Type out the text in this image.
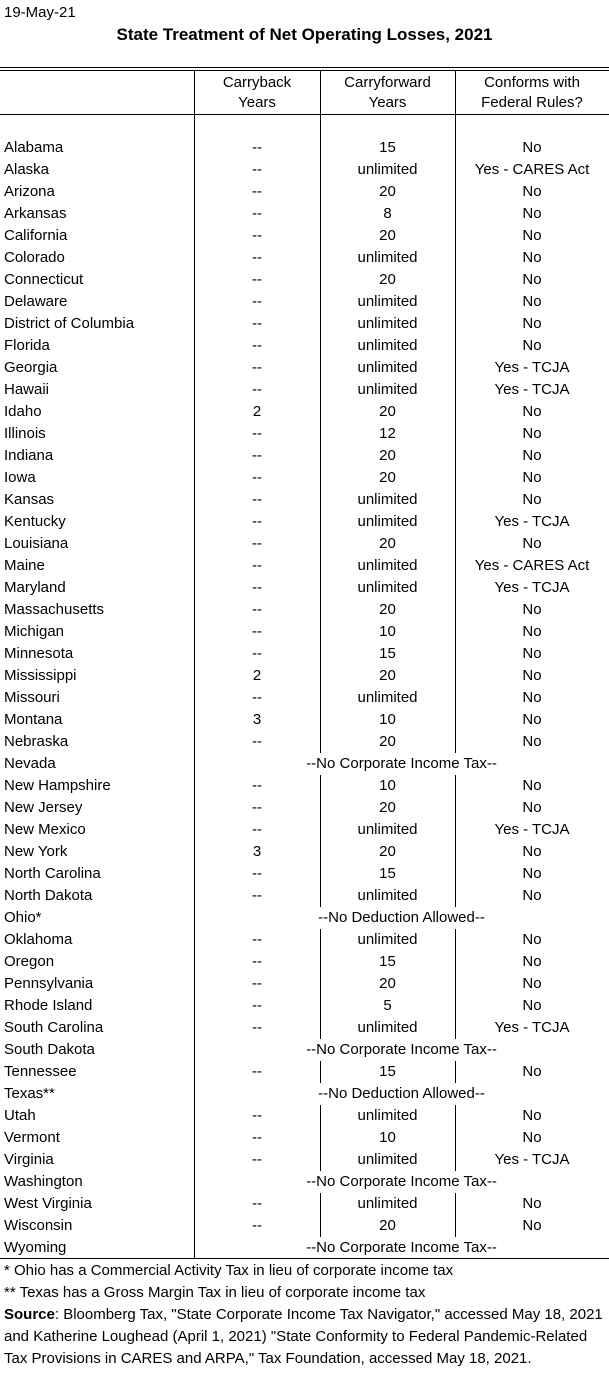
19-May-21
State Treatment of Net Operating Losses, 2021
Carryback
Years
Carryforward
Years
Conforms with
Federal Rules?
Alabama	--	15	No
Alaska	--	unlimited	Yes - CARES Act
Arizona	--	20	No
Arkansas	--	8	No
California	--	20	No
Colorado	--	unlimited	No
Connecticut	--	20	No
Delaware	--	unlimited	No
District of Columbia	--	unlimited	No
Florida	--	unlimited	No
Georgia	--	unlimited	Yes - TCJA
Hawaii	--	unlimited	Yes - TCJA
Idaho	2	20	No
Illinois	--	12	No
Indiana	--	20	No
Iowa	--	20	No
Kansas	--	unlimited	No
Kentucky	--	unlimited	Yes - TCJA
Louisiana	--	20	No
Maine	--	unlimited	Yes - CARES Act
Maryland	--	unlimited	Yes - TCJA
Massachusetts	--	20	No
Michigan	--	10	No
Minnesota	--	15	No
Mississippi	2	20	No
Missouri	--	unlimited	No
Montana	3	10	No
Nebraska	--	20	No
Nevada	--No Corporate Income Tax--
New Hampshire	--	10	No
New Jersey	--	20	No
New Mexico	--	unlimited	Yes - TCJA
New York	3	20	No
North Carolina	--	15	No
North Dakota	--	unlimited	No
Ohio*	--No Deduction Allowed--
Oklahoma	--	unlimited	No
Oregon	--	15	No
Pennsylvania	--	20	No
Rhode Island	--	5	No
South Carolina	--	unlimited	Yes - TCJA
South Dakota	--No Corporate Income Tax--
Tennessee	--	15	No
Texas**	--No Deduction Allowed--
Utah	--	unlimited	No
Vermont	--	10	No
Virginia	--	unlimited	Yes - TCJA
Washington	--No Corporate Income Tax--
West Virginia	--	unlimited	No
Wisconsin	--	20	No
Wyoming	--No Corporate Income Tax--
* Ohio has a Commercial Activity Tax in lieu of corporate income tax
** Texas has a Gross Margin Tax in lieu of corporate income tax
Source: Bloomberg Tax, "State Corporate Income Tax Navigator," accessed May 18, 2021 and Katherine Loughead (April 1, 2021) "State Conformity to Federal Pandemic-Related Tax Provisions in CARES and ARPA," Tax Foundation, accessed May 18, 2021.
